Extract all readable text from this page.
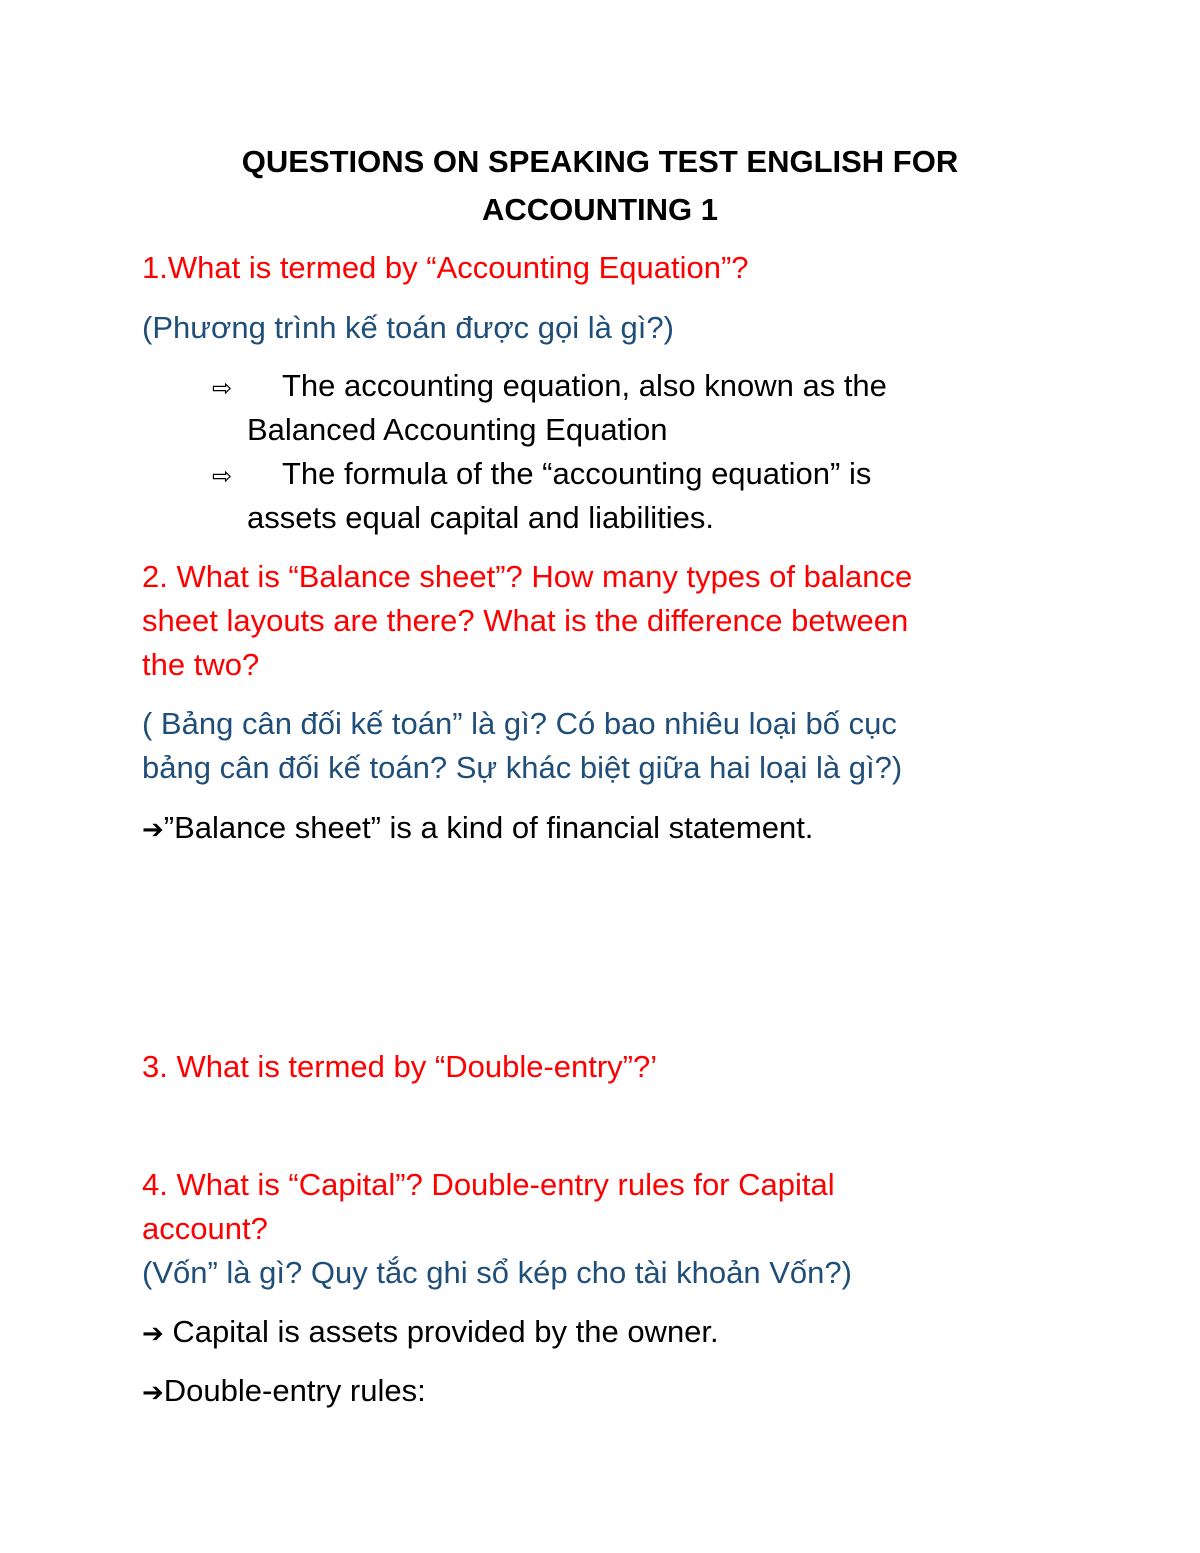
QUESTIONS ON SPEAKING TEST ENGLISH FOR
ACCOUNTING 1
1.What is termed by “Accounting Equation”?
(Phương trình kế toán được gọi là gì?)
⇨ The accounting equation, also known as the
Balanced Accounting Equation
⇨ The formula of the “accounting equation” is
assets equal capital and liabilities.
2. What is “Balance sheet”? How many types of balance
sheet layouts are there? What is the difference between
the two?
( Bảng cân đối kế toán” là gì? Có bao nhiêu loại bố cục
bảng cân đối kế toán? Sự khác biệt giữa hai loại là gì?)
➔”Balance sheet” is a kind of financial statement.
3. What is termed by “Double-entry”?’
4. What is “Capital”? Double-entry rules for Capital
account?
(Vốn” là gì? Quy tắc ghi sổ kép cho tài khoản Vốn?)
➔ Capital is assets provided by the owner.
➔Double-entry rules:
